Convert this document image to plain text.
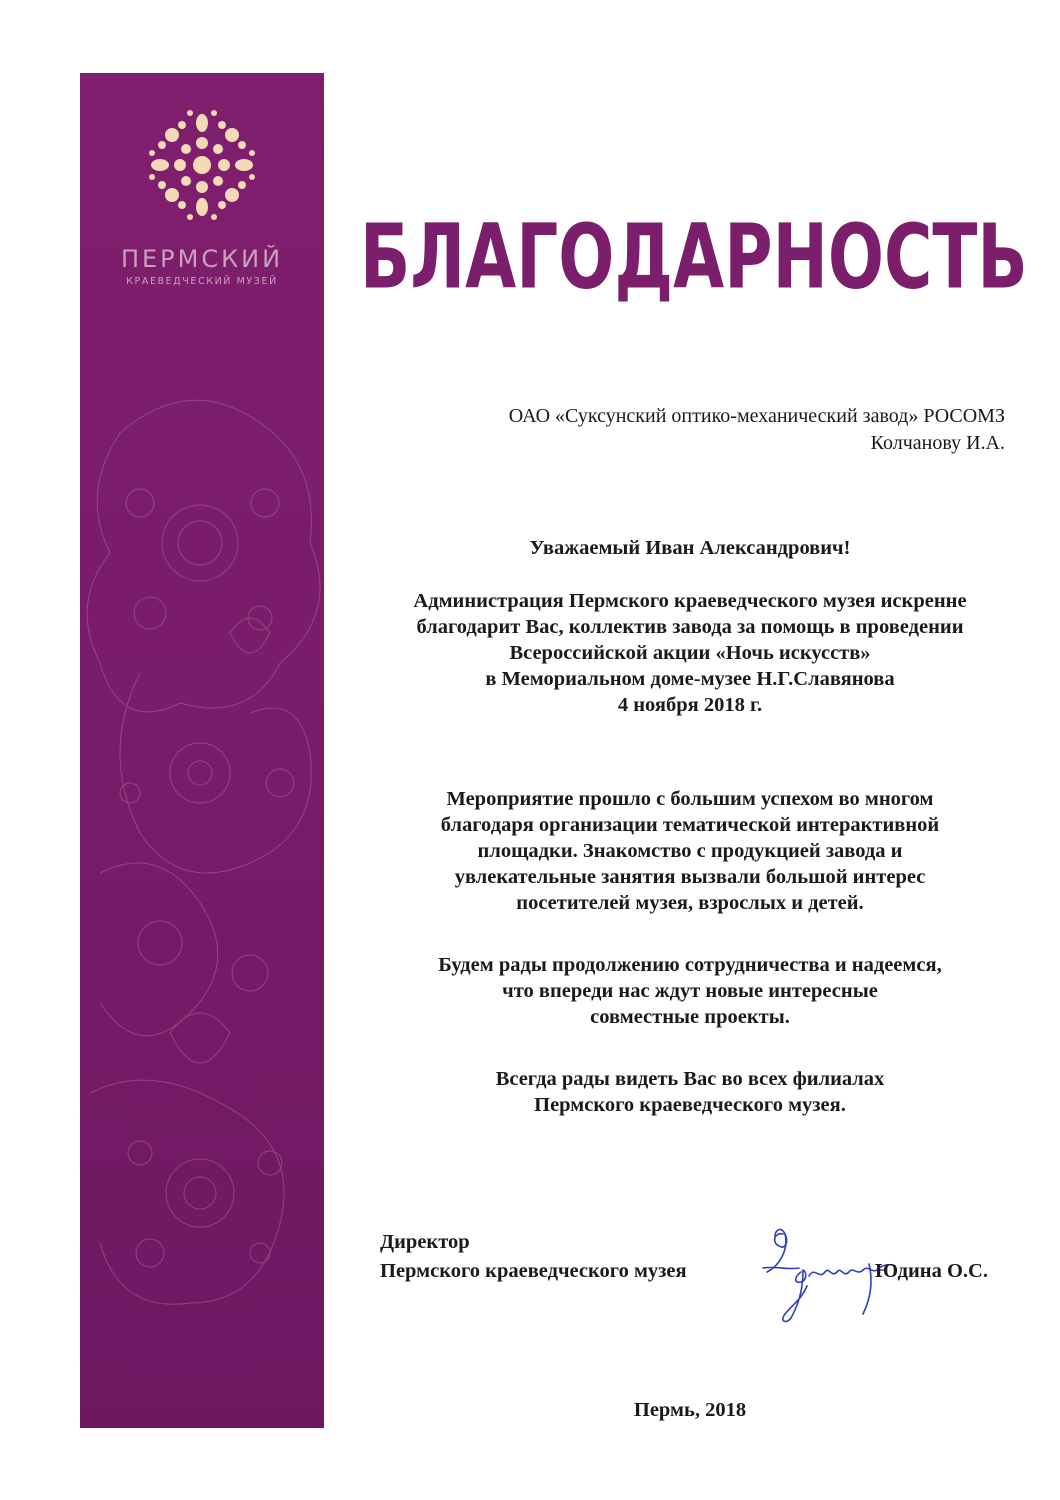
ПЕРМСКИЙ
КРАЕВЕДЧЕСКИЙ МУЗЕЙ	БЛАГОДАРНОСТЬ
ОАО «Суксунский оптико-механический завод» РОСОМЗ
Колчанову И.А.
Уважаемый Иван Александрович!
Администрация Пермского краеведческого музея искренне
благодарит Вас, коллектив завода за помощь в проведении
Всероссийской акции «Ночь искусств»
в Мемориальном доме-музее Н.Г.Славянова
4 ноября 2018 г.
Мероприятие прошло с большим успехом во многом
благодаря организации тематической интерактивной
площадки. Знакомство с продукцией завода и
увлекательные занятия вызвали большой интерес
посетителей музея, взрослых и детей.
Будем рады продолжению сотрудничества и надеемся,
что впереди нас ждут новые интересные
совместные проекты.
Всегда рады видеть Вас во всех филиалах
Пермского краеведческого музея.
Директор
Пермского краеведческого музея	Юдина О.С.
Пермь, 2018
